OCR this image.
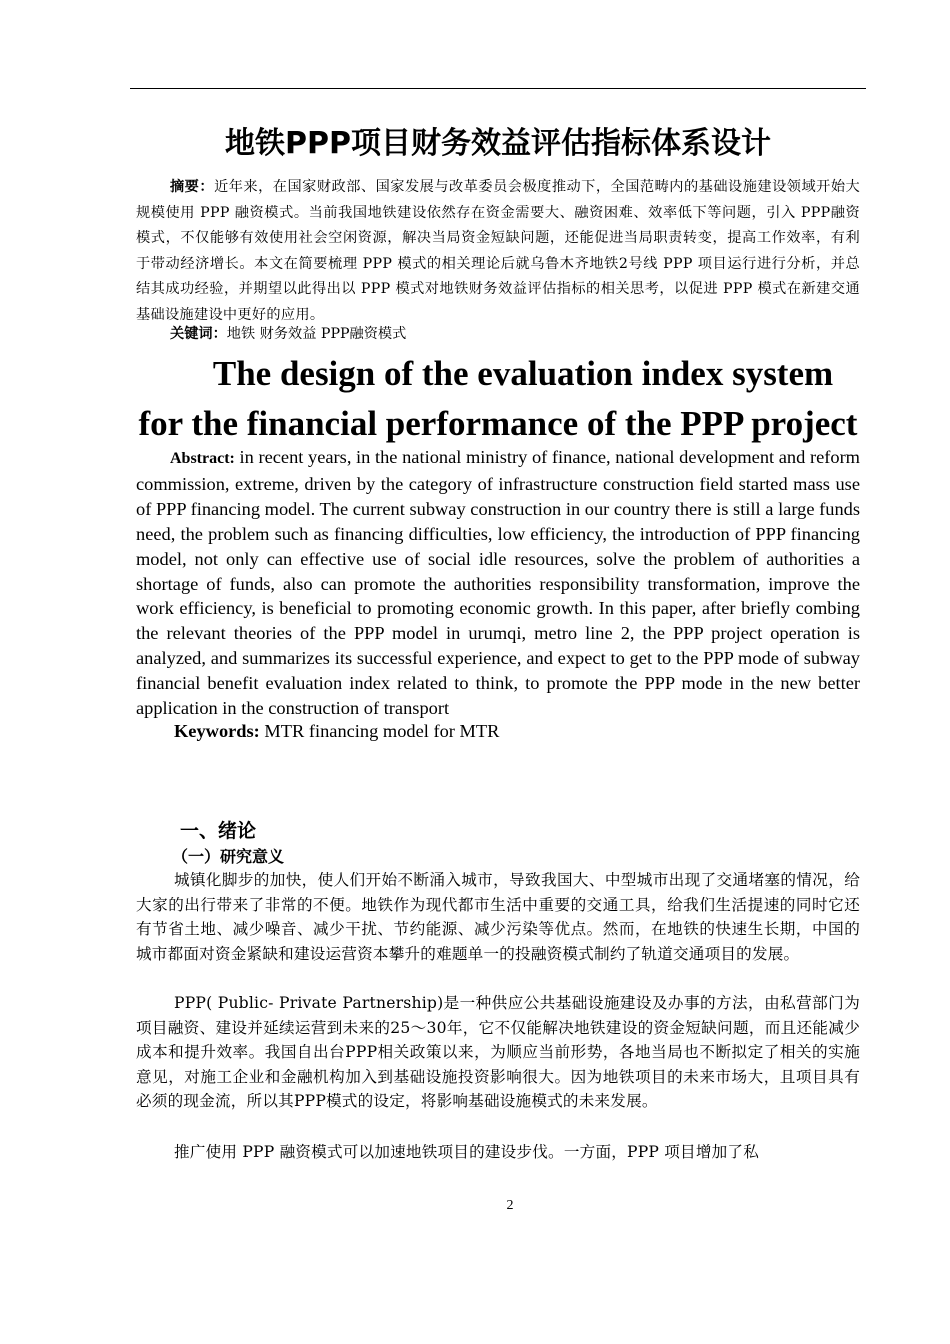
地铁PPP项目财务效益评估指标体系设计
摘要：近年来，在国家财政部、国家发展与改革委员会极度推动下，全国范畴内的基础设施建设领域开始大规模使用 PPP 融资模式。当前我国地铁建设依然存在资金需要大、融资困难、效率低下等问题，引入 PPP融资模式，不仅能够有效使用社会空闲资源，解决当局资金短缺问题，还能促进当局职责转变，提高工作效率，有利于带动经济增长。本文在简要梳理 PPP 模式的相关理论后就乌鲁木齐地铁2号线 PPP 项目运行进行分析，并总结其成功经验，并期望以此得出以 PPP 模式对地铁财务效益评估指标的相关思考，以促进 PPP 模式在新建交通基础设施建设中更好的应用。
关键词：地铁 财务效益 PPP融资模式
The design of the evaluation index system
for the financial performance of the PPP project
Abstract: in recent years, in the national ministry of finance, national development and reform commission, extreme, driven by the category of infrastructure construction field started mass use of PPP financing model. The current subway construction in our country there is still a large funds need, the problem such as financing difficulties, low efficiency, the introduction of PPP financing model, not only can effective use of social idle resources, solve the problem of authorities a shortage of funds, also can promote the authorities responsibility transformation, improve the work efficiency, is beneficial to promoting economic growth. In this paper, after briefly combing the relevant theories of the PPP model in urumqi, metro line 2, the PPP project operation is analyzed, and summarizes its successful experience, and expect to get to the PPP mode of subway financial benefit evaluation index related to think, to promote the PPP mode in the new better application in the construction of transport
Keywords: MTR financing model for MTR
一、绪论
（一）研究意义
城镇化脚步的加快，使人们开始不断涌入城市，导致我国大、中型城市出现了交通堵塞的情况，给大家的出行带来了非常的不便。地铁作为现代都市生活中重要的交通工具，给我们生活提速的同时它还有节省土地、减少噪音、减少干扰、节约能源、减少污染等优点。然而，在地铁的快速生长期，中国的城市都面对资金紧缺和建设运营资本攀升的难题单一的投融资模式制约了轨道交通项目的发展。
PPP( Public- Private Partnership)是一种供应公共基础设施建设及办事的方法，由私营部门为项目融资、建设并延续运营到未来的25～30年，它不仅能解决地铁建设的资金短缺问题，而且还能减少成本和提升效率。我国自出台PPP相关政策以来，为顺应当前形势，各地当局也不断拟定了相关的实施意见，对施工企业和金融机构加入到基础设施投资影响很大。因为地铁项目的未来市场大，且项目具有必须的现金流，所以其PPP模式的设定，将影响基础设施模式的未来发展。
推广使用 PPP 融资模式可以加速地铁项目的建设步伐。一方面，PPP 项目增加了私
2
